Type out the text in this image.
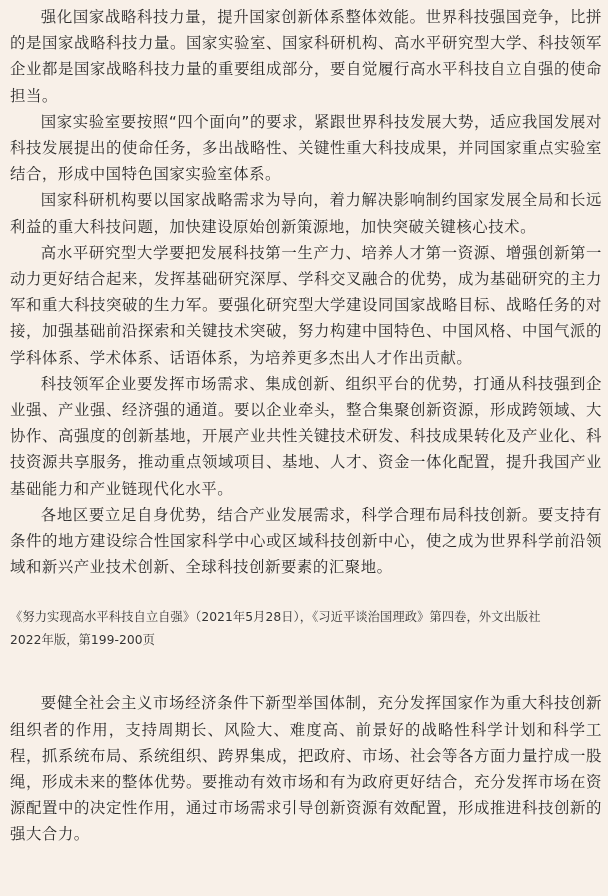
强化国家战略科技力量，提升国家创新体系整体效能。世界科技强国竞争，比拼的是国家战略科技力量。国家实验室、国家科研机构、高水平研究型大学、科技领军企业都是国家战略科技力量的重要组成部分，要自觉履行高水平科技自立自强的使命担当。

国家实验室要按照“四个面向”的要求，紧跟世界科技发展大势，适应我国发展对科技发展提出的使命任务，多出战略性、关键性重大科技成果，并同国家重点实验室结合，形成中国特色国家实验室体系。

国家科研机构要以国家战略需求为导向，着力解决影响制约国家发展全局和长远利益的重大科技问题，加快建设原始创新策源地，加快突破关键核心技术。

高水平研究型大学要把发展科技第一生产力、培养人才第一资源、增强创新第一动力更好结合起来，发挥基础研究深厚、学科交叉融合的优势，成为基础研究的主力军和重大科技突破的生力军。要强化研究型大学建设同国家战略目标、战略任务的对接，加强基础前沿探索和关键技术突破，努力构建中国特色、中国风格、中国气派的学科体系、学术体系、话语体系，为培养更多杰出人才作出贡献。

科技领军企业要发挥市场需求、集成创新、组织平台的优势，打通从科技强到企业强、产业强、经济强的通道。要以企业牵头，整合集聚创新资源，形成跨领域、大协作、高强度的创新基地，开展产业共性关键技术研发、科技成果转化及产业化、科技资源共享服务，推动重点领域项目、基地、人才、资金一体化配置，提升我国产业基础能力和产业链现代化水平。

各地区要立足自身优势，结合产业发展需求，科学合理布局科技创新。要支持有条件的地方建设综合性国家科学中心或区域科技创新中心，使之成为世界科学前沿领域和新兴产业技术创新、全球科技创新要素的汇聚地。

《努力实现高水平科技自立自强》（2021年5月28日），《习近平谈治国理政》第四卷，外文出版社
2022年版，第199-200页

要健全社会主义市场经济条件下新型举国体制，充分发挥国家作为重大科技创新组织者的作用，支持周期长、风险大、难度高、前景好的战略性科学计划和科学工程，抓系统布局、系统组织、跨界集成，把政府、市场、社会等各方面力量拧成一股绳，形成未来的整体优势。要推动有效市场和有为政府更好结合，充分发挥市场在资源配置中的决定性作用，通过市场需求引导创新资源有效配置，形成推进科技创新的强大合力。
